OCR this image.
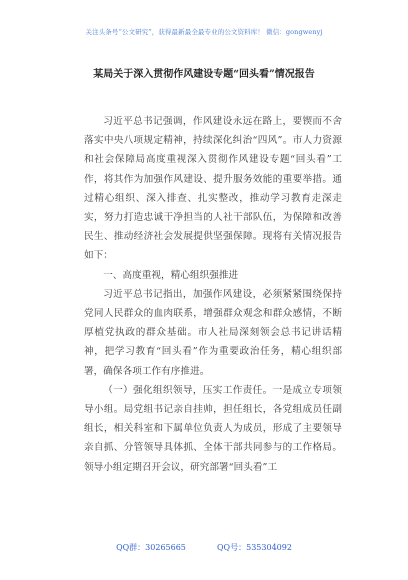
关注头条号“公文研究”，获得最新最全最专业的公文资料库！ 微信：gongwenyj
某局关于深入贯彻作风建设专题“回头看”情况报告

习近平总书记强调，作风建设永远在路上，要锲而不舍落实中央八项规定精神，持续深化纠治“四风”。市人力资源和社会保障局高度重视深入贯彻作风建设专题“回头看”工作，将其作为加强作风建设、提升服务效能的重要举措。通过精心组织、深入排查、扎实整改，推动学习教育走深走实，努力打造忠诚干净担当的人社干部队伍，为保障和改善民生、推动经济社会发展提供坚强保障。现将有关情况报告如下：

一、高度重视，精心组织强推进

习近平总书记指出，加强作风建设，必须紧紧围绕保持党同人民群众的血肉联系，增强群众观念和群众感情，不断厚植党执政的群众基础。市人社局深刻领会总书记讲话精神，把学习教育“回头看”作为重要政治任务，精心组织部署，确保各项工作有序推进。

（一）强化组织领导，压实工作责任。一是成立专项领导小组。局党组书记亲自挂帅，担任组长，各党组成员任副组长，相关科室和下属单位负责人为成员，形成了主要领导亲自抓、分管领导具体抓、全体干部共同参与的工作格局。领导小组定期召开会议，研究部署“回头看”工

QQ群：30265665	QQ号：535304092
